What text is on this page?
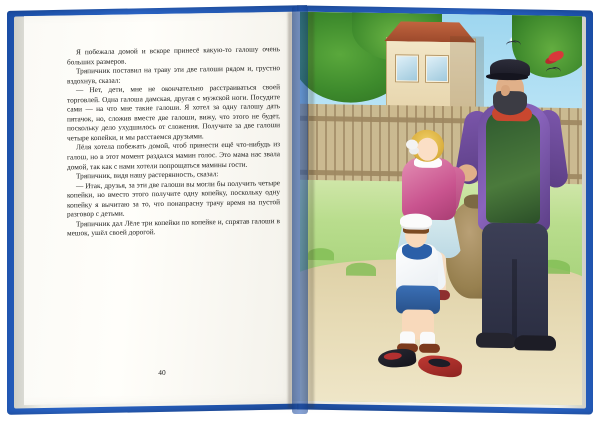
Я побежала домой и вскоре принесё какую-то галошу очень больших размеров.

Тряпичник поставил на траву эти две галоши рядом и, грустно вздохнув, сказал:

— Нет, дети, мне не окончательно расстраиваться своей торговлей. Одна галоша дамская, другая с мужской ноги. Посудите сами — на что мне такие галоши. Я хотел за одну галошу дать пятачок, но, сложив вместе две галоши, вижу, что этого не будет, поскольку дело ухудшилось от сложения. Получите за две галоши четыре копейки, и мы расстаемся друзьями.

Лёля хотела побежать домой, чтоб принести ещё что-нибудь из галош, но в этот момент раздался мамин голос. Это мама нас звала домой, так как с нами хотели попрощаться мамины гости.

Тряпичник, видя нашу растерянность, сказал:

— Итак, друзья, за эти две галоши вы могли бы получить четыре копейки, но вместо этого получите одну копейку, поскольку одну копейку я вычитаю за то, что понапрасну трачу время на пустой разговор с детьми.

Тряпичник дал Лёле три копейки по копейке и, спрятав галоши в мешок, ушёл своей дорогой.

40
